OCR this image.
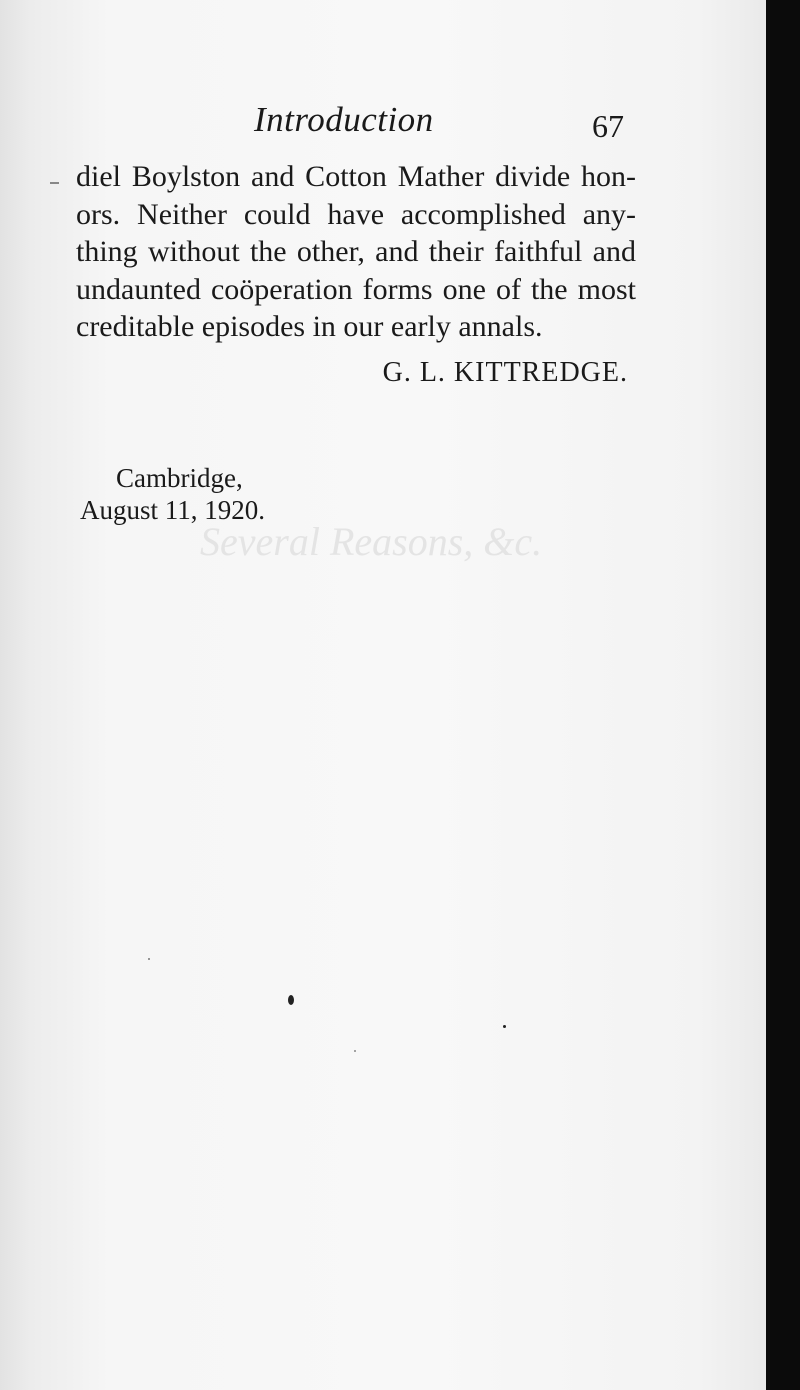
Introduction	67
diel Boylston and Cotton Mather divide hon-
ors. Neither could have accomplished any-
thing without the other, and their faithful and
undaunted coöperation forms one of the most
creditable episodes in our early annals.
G. L. KITTREDGE.
Cambridge,
August 11, 1920.
Several Reasons, &c.
